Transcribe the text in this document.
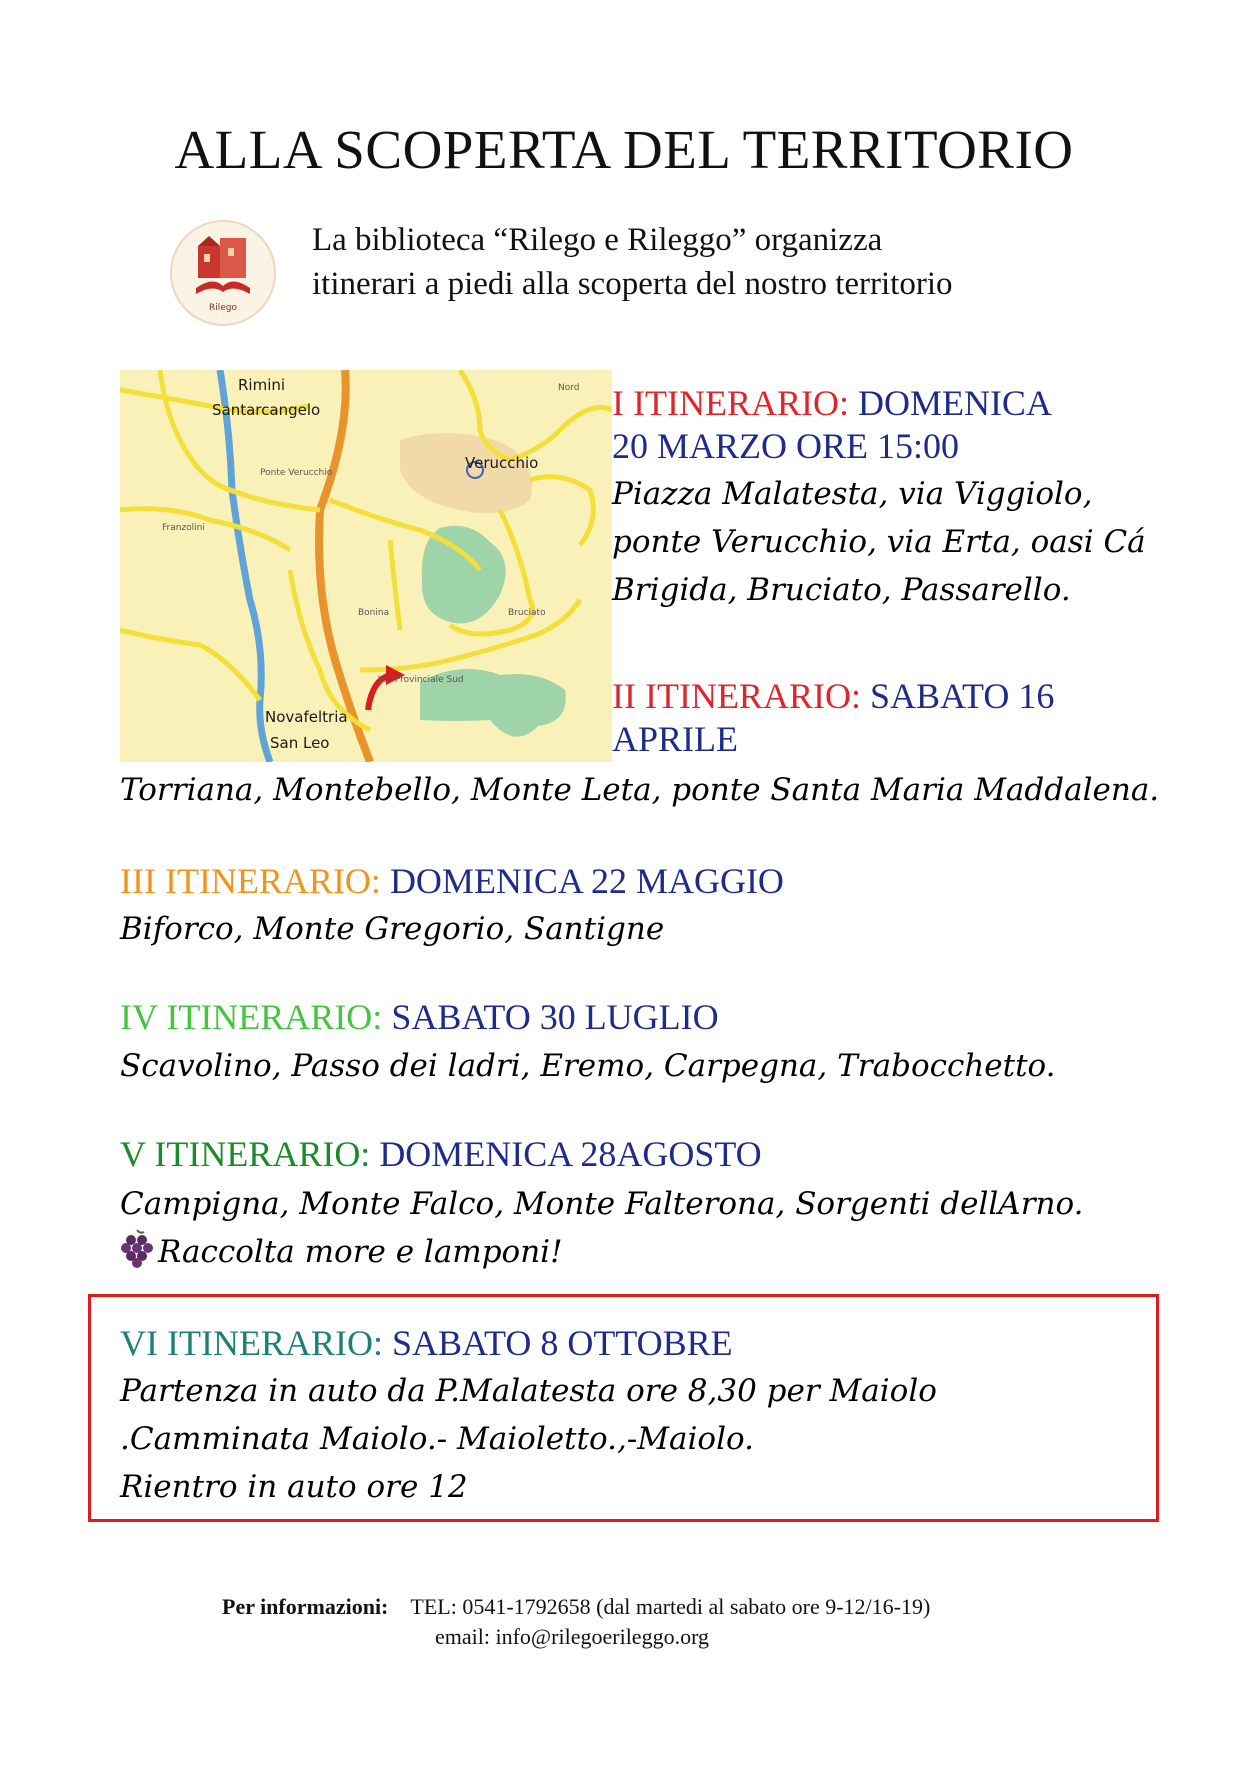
ALLA SCOPERTA DEL TERRITORIO
Rilego
La biblioteca “Rilego e Rileggo” organizza
itinerari a piedi alla scoperta del nostro territorio
Rimini
Santarcangelo
Verucchio
Novafeltria
San Leo
Ponte Verucchio
Via Provinciale Sud
Franzolini
Bonina	Bruciato
Nord I ITINERARIO: DOMENICA
20 MARZO ORE 15:00
Piazza Malatesta, via Viggiolo,
ponte Verucchio, via Erta, oasi Cá
Brigida, Bruciato, Passarello.
II ITINERARIO: SABATO 16
APRILE
Torriana, Montebello, Monte Leta, ponte Santa Maria Maddalena.
III ITINERARIO: DOMENICA 22 MAGGIO
Biforco, Monte Gregorio, Santigne
IV ITINERARIO: SABATO 30 LUGLIO
Scavolino, Passo dei ladri, Eremo, Carpegna, Trabocchetto.
V ITINERARIO: DOMENICA 28AGOSTO
Campigna, Monte Falco, Monte Falterona, Sorgenti dellArno.
Raccolta more e lamponi!
VI ITINERARIO: SABATO 8 OTTOBRE
Partenza in auto da P.Malatesta ore 8,30 per Maiolo
.Camminata Maiolo.- Maioletto.,-Maiolo.
Rientro in auto ore 12
Per informazioni: TEL: 0541-1792658 (dal martedi al sabato ore 9-12/16-19)
email: info@rilegoerileggo.org
